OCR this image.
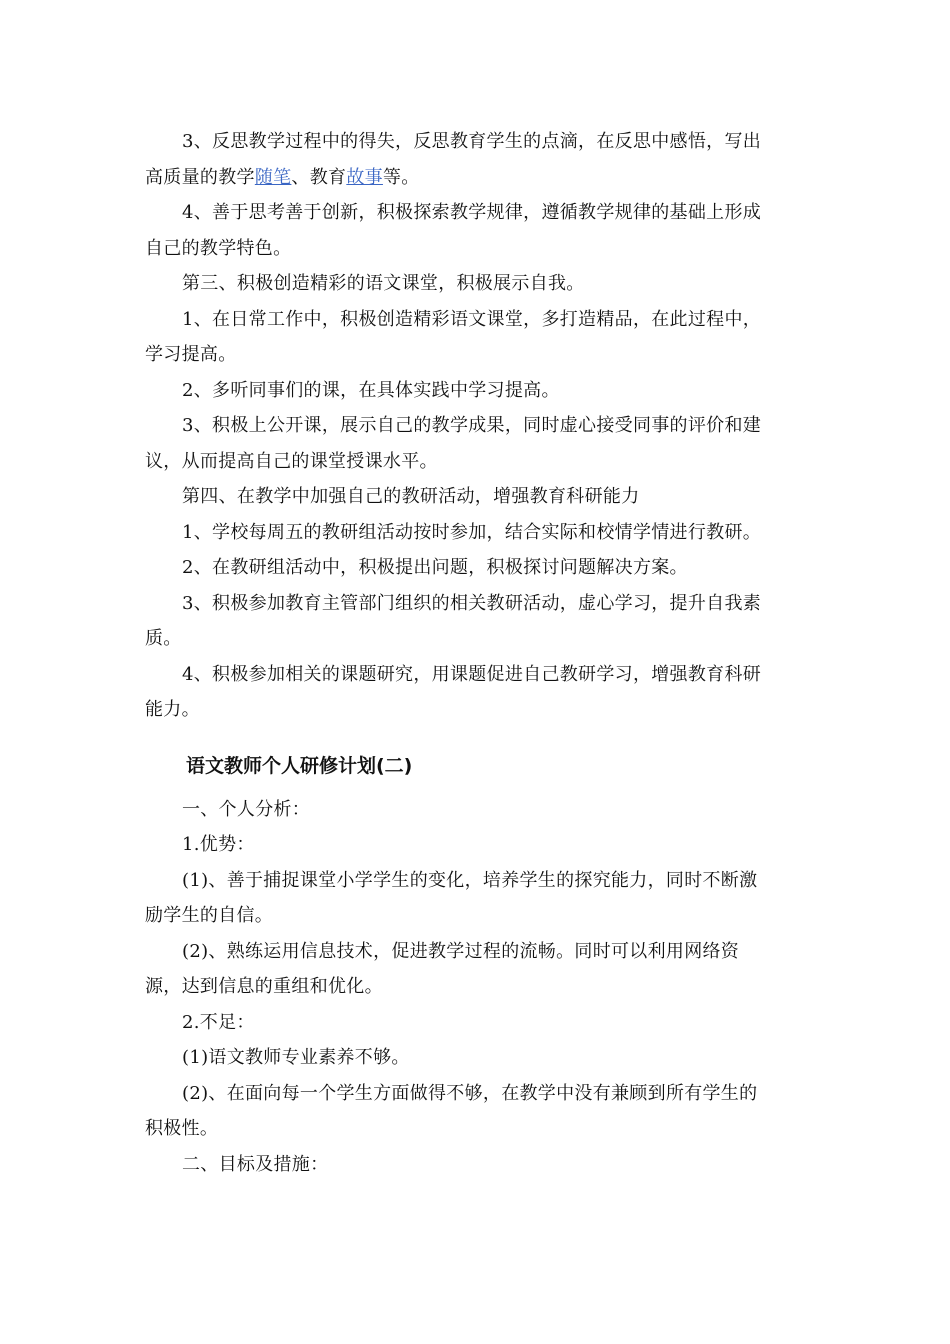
3、反思教学过程中的得失，反思教育学生的点滴，在反思中感悟，写出高质量的教学随笔、教育故事等。

4、善于思考善于创新，积极探索教学规律，遵循教学规律的基础上形成自己的教学特色。

第三、积极创造精彩的语文课堂，积极展示自我。

1、在日常工作中，积极创造精彩语文课堂，多打造精品，在此过程中，学习提高。

2、多听同事们的课，在具体实践中学习提高。

3、积极上公开课，展示自己的教学成果，同时虚心接受同事的评价和建议，从而提高自己的课堂授课水平。

第四、在教学中加强自己的教研活动，增强教育科研能力

1、学校每周五的教研组活动按时参加，结合实际和校情学情进行教研。

2、在教研组活动中，积极提出问题，积极探讨问题解决方案。

3、积极参加教育主管部门组织的相关教研活动，虚心学习，提升自我素质。

4、积极参加相关的课题研究，用课题促进自己教研学习，增强教育科研能力。

语文教师个人研修计划(二)

一、个人分析：

1.优势：

(1)、善于捕捉课堂小学学生的变化，培养学生的探究能力，同时不断激励学生的自信。

(2)、熟练运用信息技术，促进教学过程的流畅。同时可以利用网络资源，达到信息的重组和优化。

2.不足：

(1)语文教师专业素养不够。

(2)、在面向每一个学生方面做得不够，在教学中没有兼顾到所有学生的积极性。

二、目标及措施：
